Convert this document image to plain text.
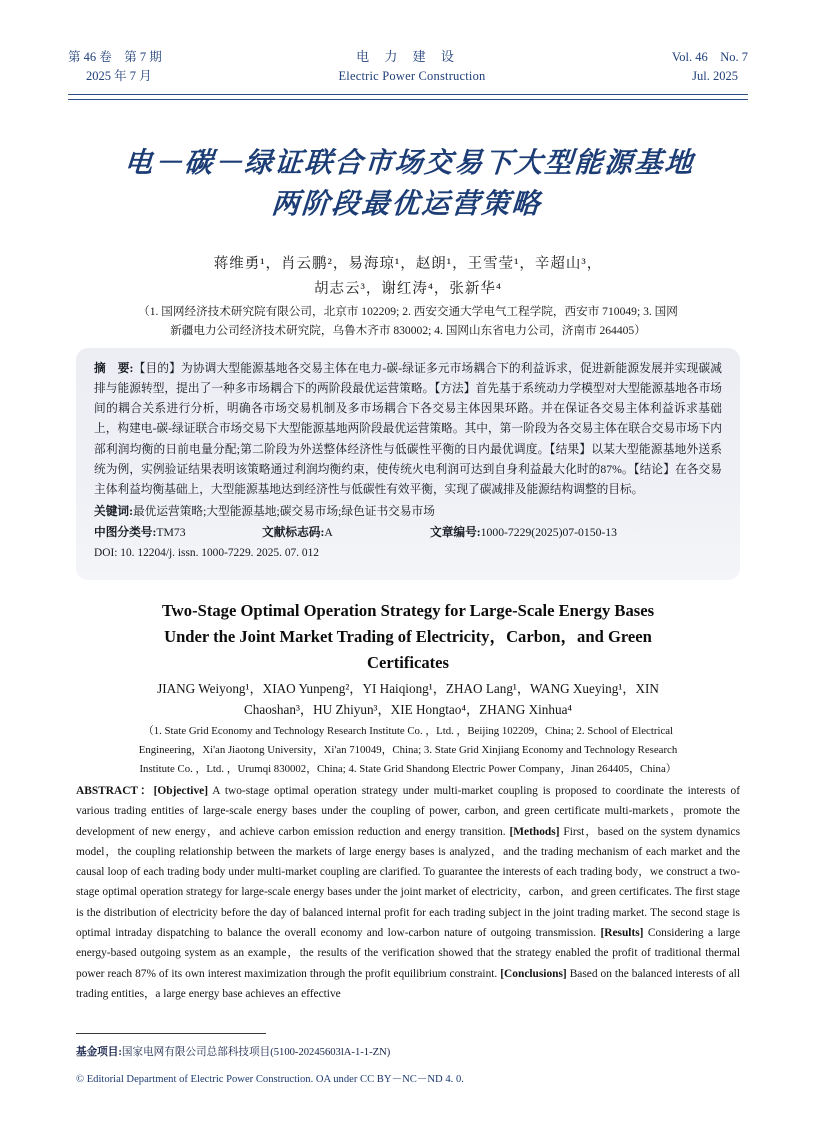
第 46 卷　第 7 期	电 力 建 设	Vol. 46　No. 7
2025 年 7 月	Electric Power Construction	Jul. 2025
电－碳－绿证联合市场交易下大型能源基地
两阶段最优运营策略
蒋维勇¹，肖云鹏²，易海琼¹，赵朗¹，王雪莹¹，辛超山³，
胡志云³，谢红涛⁴，张新华⁴
（1. 国网经济技术研究院有限公司，北京市 102209; 2. 西安交通大学电气工程学院，西安市 710049; 3. 国网
新疆电力公司经济技术研究院，乌鲁木齐市 830002; 4. 国网山东省电力公司，济南市 264405）

摘　要:【目的】为协调大型能源基地各交易主体在电力-碳-绿证多元市场耦合下的利益诉求，促进新能源发展并实现碳减排与能源转型，提出了一种多市场耦合下的两阶段最优运营策略。【方法】首先基于系统动力学模型对大型能源基地各市场间的耦合关系进行分析，明确各市场交易机制及多市场耦合下各交易主体因果环路。并在保证各交易主体利益诉求基础上，构建电-碳-绿证联合市场交易下大型能源基地两阶段最优运营策略。其中，第一阶段为各交易主体在联合交易市场下内部利润均衡的日前电量分配;第二阶段为外送整体经济性与低碳性平衡的日内最优调度。【结果】以某大型能源基地外送系统为例，实例验证结果表明该策略通过利润均衡约束，使传统火电利润可达到自身利益最大化时的87%。【结论】在各交易主体利益均衡基础上，大型能源基地达到经济性与低碳性有效平衡，实现了碳减排及能源结构调整的目标。

关键词:最优运营策略;大型能源基地;碳交易市场;绿色证书交易市场
中图分类号:TM73	文献标志码:A	文章编号:1000-7229(2025)07-0150-13
DOI: 10. 12204/j. issn. 1000-7229. 2025. 07. 012
Two-Stage Optimal Operation Strategy for Large-Scale Energy Bases
Under the Joint Market Trading of Electricity，Carbon，and Green
Certificates
JIANG Weiyong¹，XIAO Yunpeng²，YI Haiqiong¹，ZHAO Lang¹，WANG Xueying¹，XIN
Chaoshan³，HU Zhiyun³，XIE Hongtao⁴，ZHANG Xinhua⁴
（1. State Grid Economy and Technology Research Institute Co. ，Ltd. ，Beijing 102209，China; 2. School of Electrical
Engineering，Xi'an Jiaotong University，Xi'an 710049，China; 3. State Grid Xinjiang Economy and Technology Research
Institute Co. ，Ltd. ，Urumqi 830002，China; 4. State Grid Shandong Electric Power Company，Jinan 264405，China）
ABSTRACT：[Objective] A two-stage optimal operation strategy under multi-market coupling is proposed to coordinate the interests of various trading entities of large-scale energy bases under the coupling of power, carbon, and green certificate multi-markets，promote the development of new energy，and achieve carbon emission reduction and energy transition. [Methods] First，based on the system dynamics model，the coupling relationship between the markets of large energy bases is analyzed，and the trading mechanism of each market and the causal loop of each trading body under multi-market coupling are clarified. To guarantee the interests of each trading body，we construct a two-stage optimal operation strategy for large-scale energy bases under the joint market of electricity，carbon，and green certificates. The first stage is the distribution of electricity before the day of balanced internal profit for each trading subject in the joint trading market. The second stage is optimal intraday dispatching to balance the overall economy and low-carbon nature of outgoing transmission. [Results] Considering a large energy-based outgoing system as an example，the results of the verification showed that the strategy enabled the profit of traditional thermal power reach 87% of its own interest maximization through the profit equilibrium constraint. [Conclusions] Based on the balanced interests of all trading entities，a large energy base achieves an effective
基金项目:国家电网有限公司总部科技项目(5100-20245603lA-1-1-ZN)
© Editorial Department of Electric Power Construction. OA under CC BY－NC－ND 4. 0.
